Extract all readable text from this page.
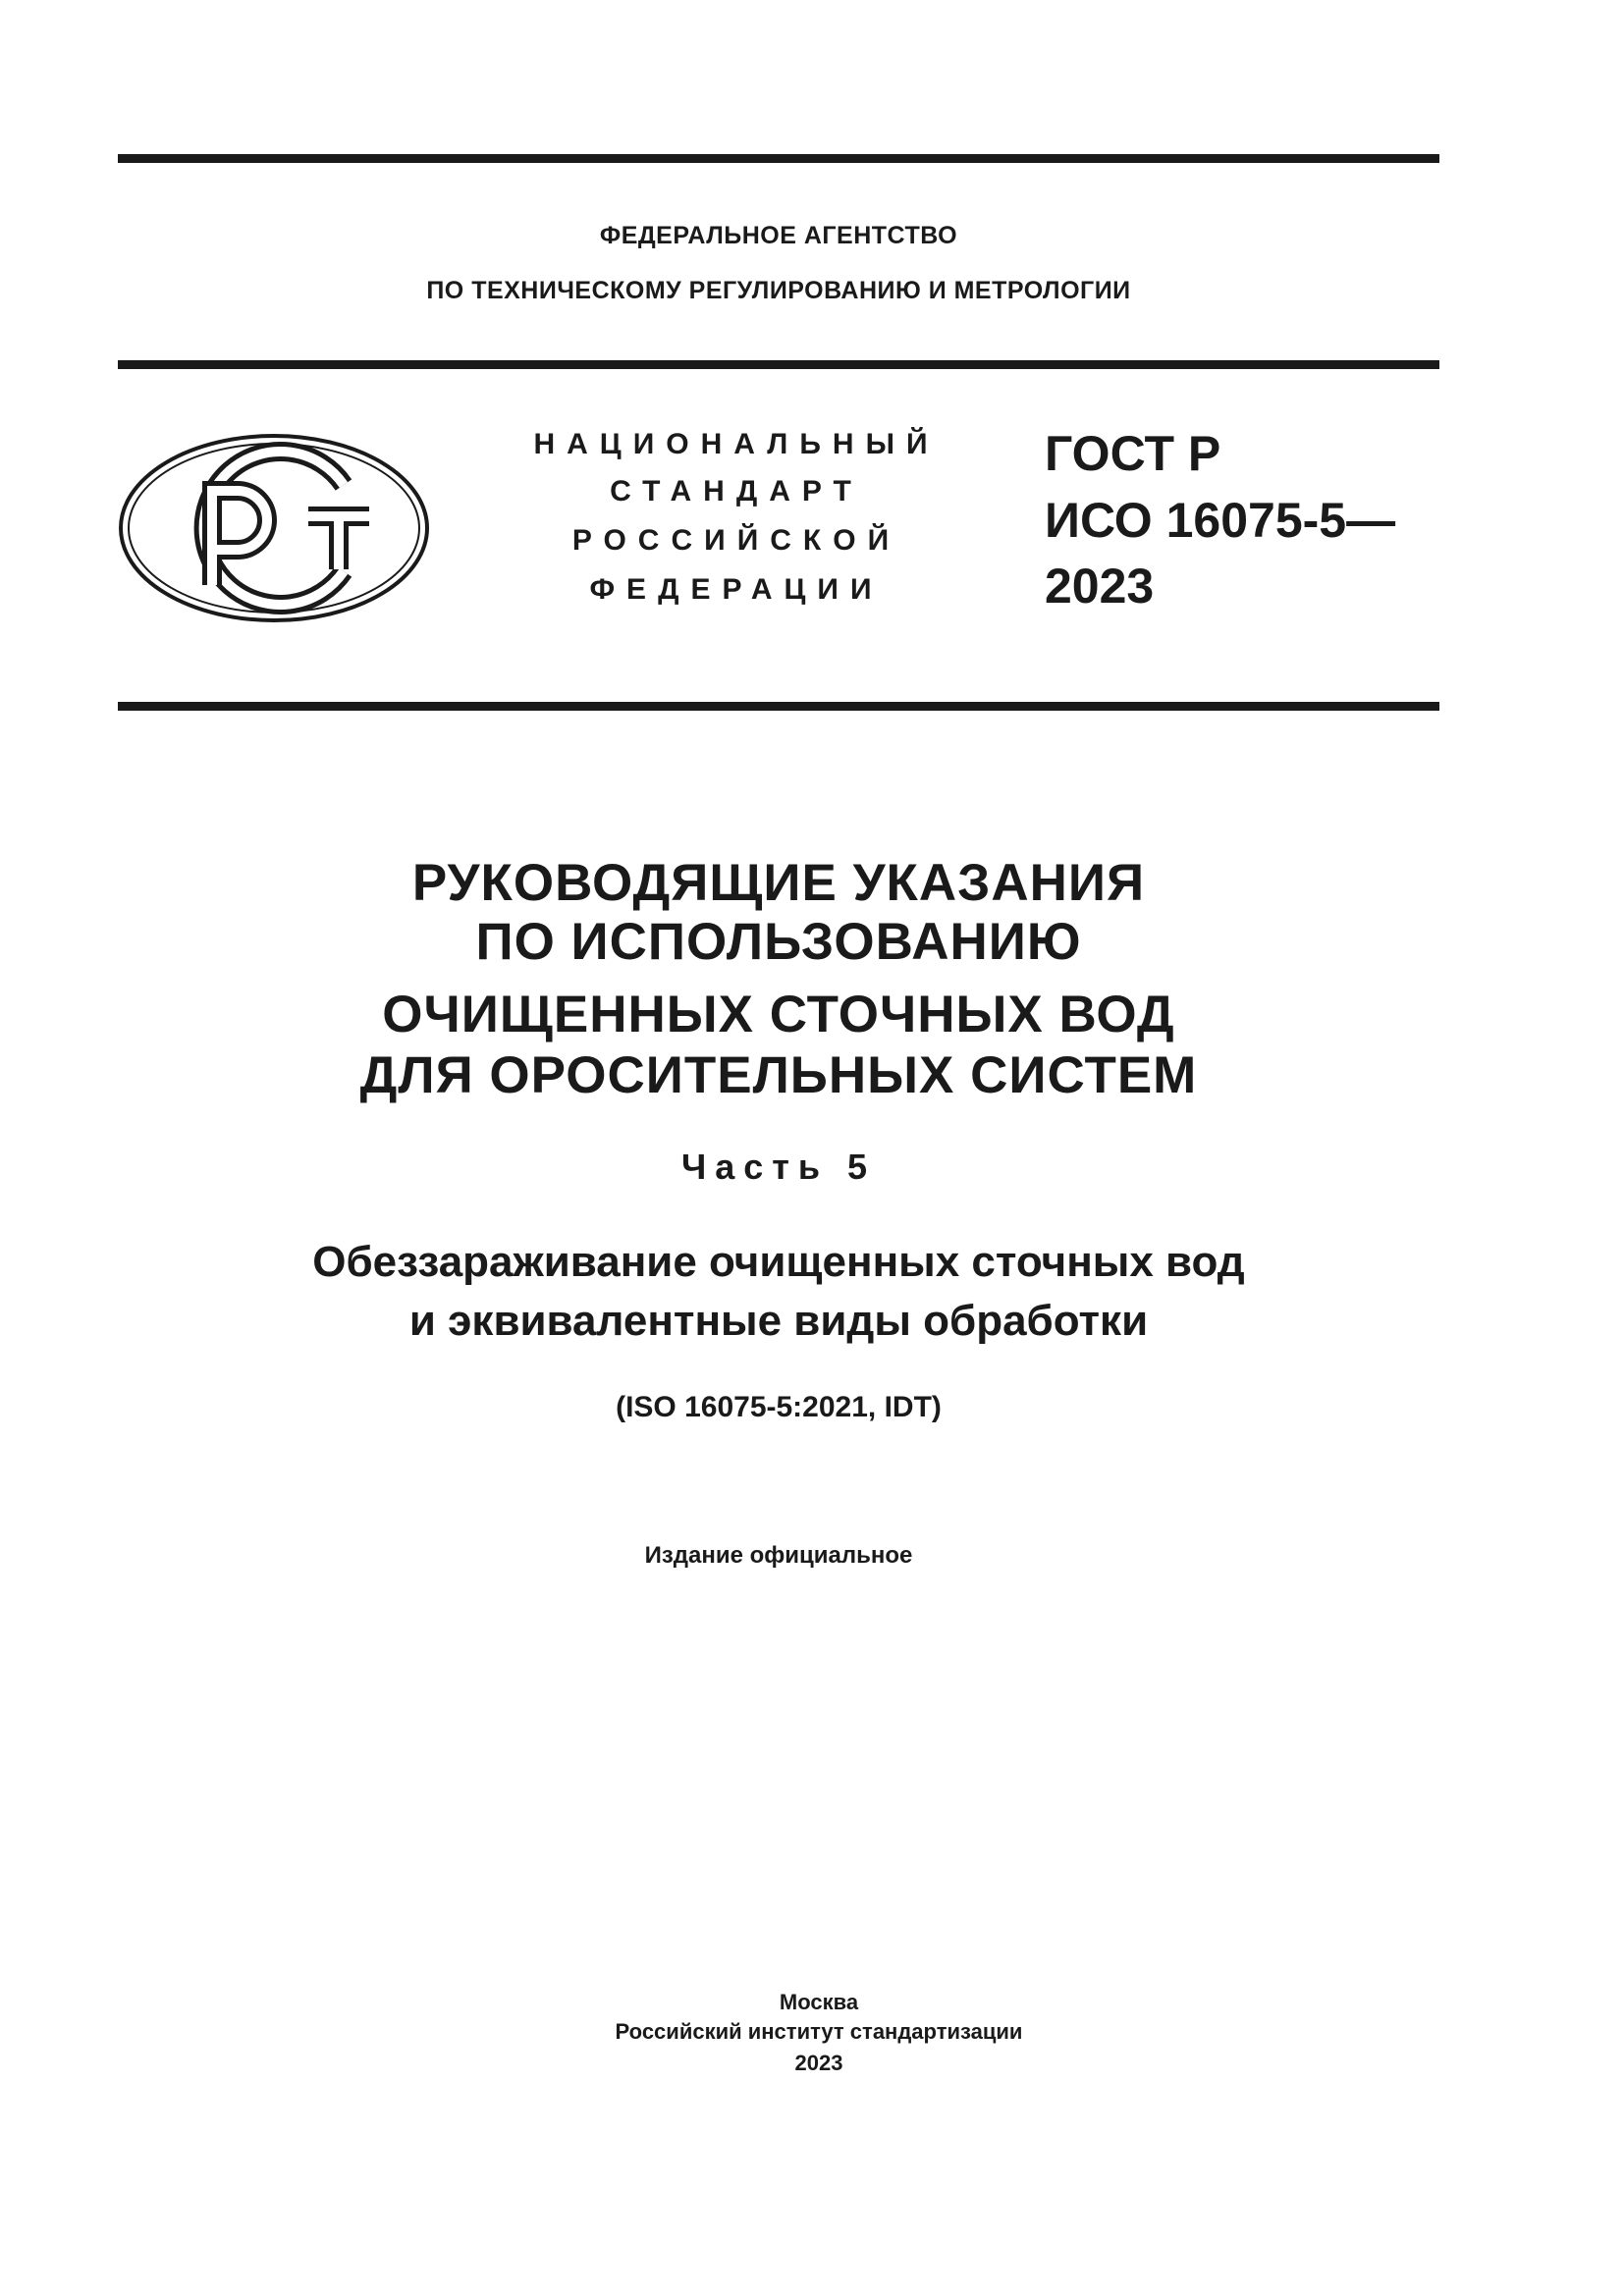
ФЕДЕРАЛЬНОЕ АГЕНТСТВО
ПО ТЕХНИЧЕСКОМУ РЕГУЛИРОВАНИЮ И МЕТРОЛОГИИ
НАЦИОНАЛЬНЫЙ
СТАНДАРТ
РОССИЙСКОЙ
ФЕДЕРАЦИИ
ГОСТ Р
ИСО 16075-5—
2023
РУКОВОДЯЩИЕ УКАЗАНИЯ
ПО ИСПОЛЬЗОВАНИЮ
ОЧИЩЕННЫХ СТОЧНЫХ ВОД
ДЛЯ ОРОСИТЕЛЬНЫХ СИСТЕМ
Часть 5
Обеззараживание очищенных сточных вод
и эквивалентные виды обработки
(ISO 16075-5:2021, IDT)
Издание официальное
Москва
Российский институт стандартизации
2023
